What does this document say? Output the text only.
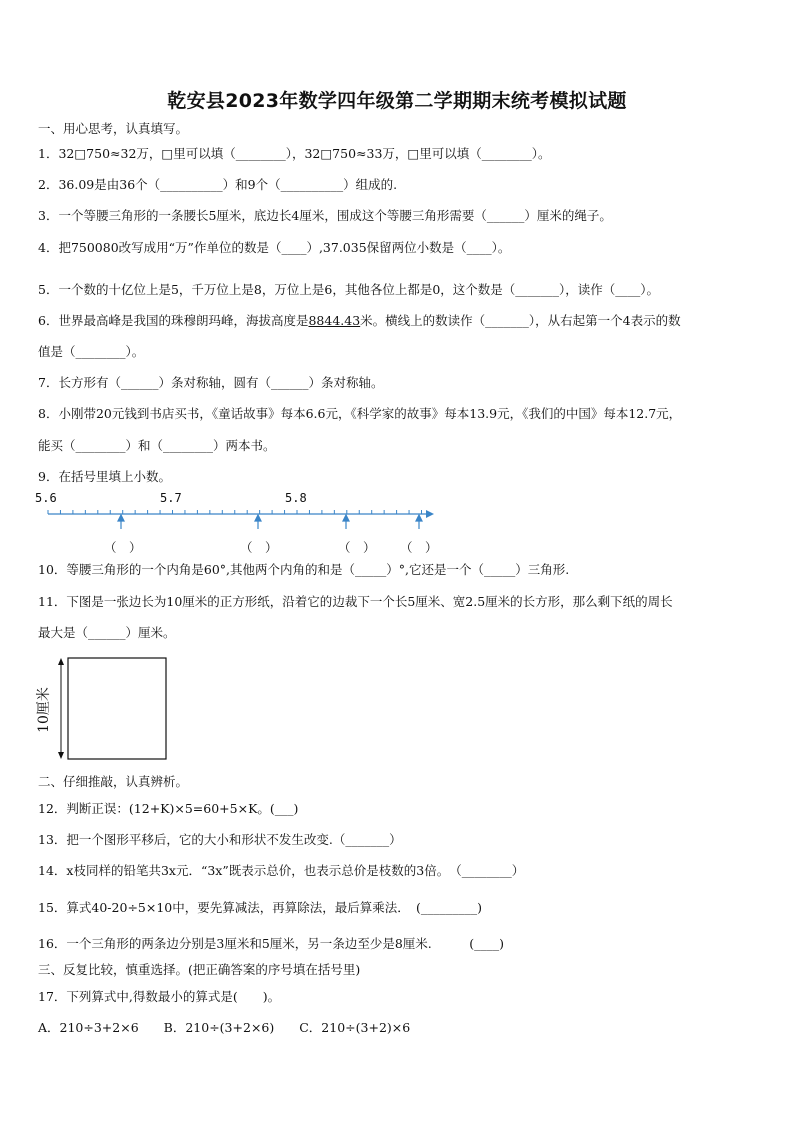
乾安县2023年数学四年级第二学期期末统考模拟试题
一、用心思考，认真填写。
1．32□750≈32万，□里可以填（________），32□750≈33万，□里可以填（________）。
2．36.09是由36个（__________）和9个（__________）组成的.
3．一个等腰三角形的一条腰长5厘米，底边长4厘米，围成这个等腰三角形需要（______）厘米的绳子。
4．把750080改写成用“万”作单位的数是（____）,37.035保留两位小数是（____）。
5．一个数的十亿位上是5，千万位上是8，万位上是6，其他各位上都是0，这个数是（_______），读作（____）。
6．世界最高峰是我国的珠穆朗玛峰，海拔高度是8844.43米。横线上的数读作（_______），从右起第一个4表示的数
值是（________）。
7．长方形有（______）条对称轴，圆有（______）条对称轴。
8．小刚带20元钱到书店买书，《童话故事》每本6.6元，《科学家的故事》每本13.9元，《我们的中国》每本12.7元，
能买（________）和（________）两本书。
9．在括号里填上小数。
5.6	5.7	5.8
（　）	（　）	（　） （　）
10．等腰三角形的一个内角是60°,其他两个内角的和是（_____）°,它还是一个（_____）三角形.
11．下图是一张边长为10厘米的正方形纸，沿着它的边裁下一个长5厘米、宽2.5厘米的长方形，那么剩下纸的周长
最大是（______）厘米。
10厘米
二、仔细推敲，认真辨析。
12．判断正误：(12+K)×5=60+5×K。(___)
13．把一个图形平移后，它的大小和形状不发生改变.（_______）
14．x枝同样的铅笔共3x元．“3x”既表示总价，也表示总价是枝数的3倍。　（________）
15．算式40-20÷5×10中，要先算减法，再算除法，最后算乘法．　(_________)
16．一个三角形的两条边分别是3厘米和5厘米，另一条边至少是8厘米.　　　(____)
三、反复比较，慎重选择。(把正确答案的序号填在括号里)
17．下列算式中,得数最小的算式是(　　)。
A．210÷3+2×6　　B．210÷(3+2×6)　　C．210÷(3+2)×6
